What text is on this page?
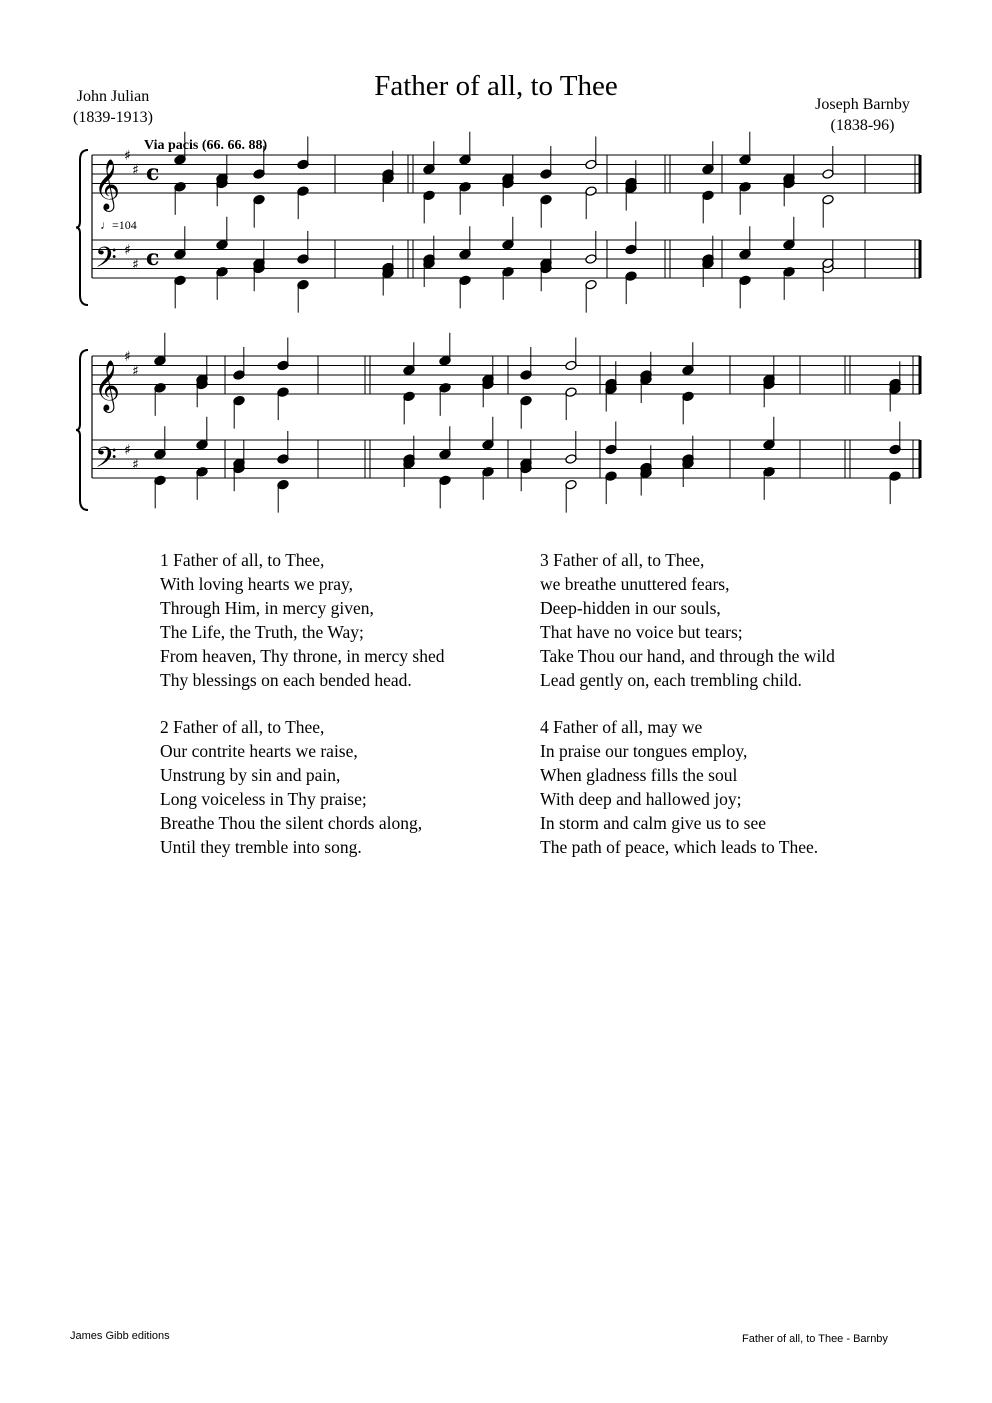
Father of all, to Thee
John Julian
(1839-1913)
Joseph Barnby
(1838-96)
𝄞
♯
♯ c
𝄢 ♯
♯ c
𝄞
♯
♯
𝄢 ♯
♯
Via pacis (66. 66. 88)
♩=104
1 Father of all, to Thee,
With loving hearts we pray,
Through Him, in mercy given,
The Life, the Truth, the Way;
From heaven, Thy throne, in mercy shed
Thy blessings on each bended head.
2 Father of all, to Thee,
Our contrite hearts we raise,
Unstrung by sin and pain,
Long voiceless in Thy praise;
Breathe Thou the silent chords along,
Until they tremble into song.
3 Father of all, to Thee,
we breathe unuttered fears,
Deep-hidden in our souls,
That have no voice but tears;
Take Thou our hand, and through the wild
Lead gently on, each trembling child.
4 Father of all, may we
In praise our tongues employ,
When gladness fills the soul
With deep and hallowed joy;
In storm and calm give us to see
The path of peace, which leads to Thee.
James Gibb editions	Father of all, to Thee - Barnby
